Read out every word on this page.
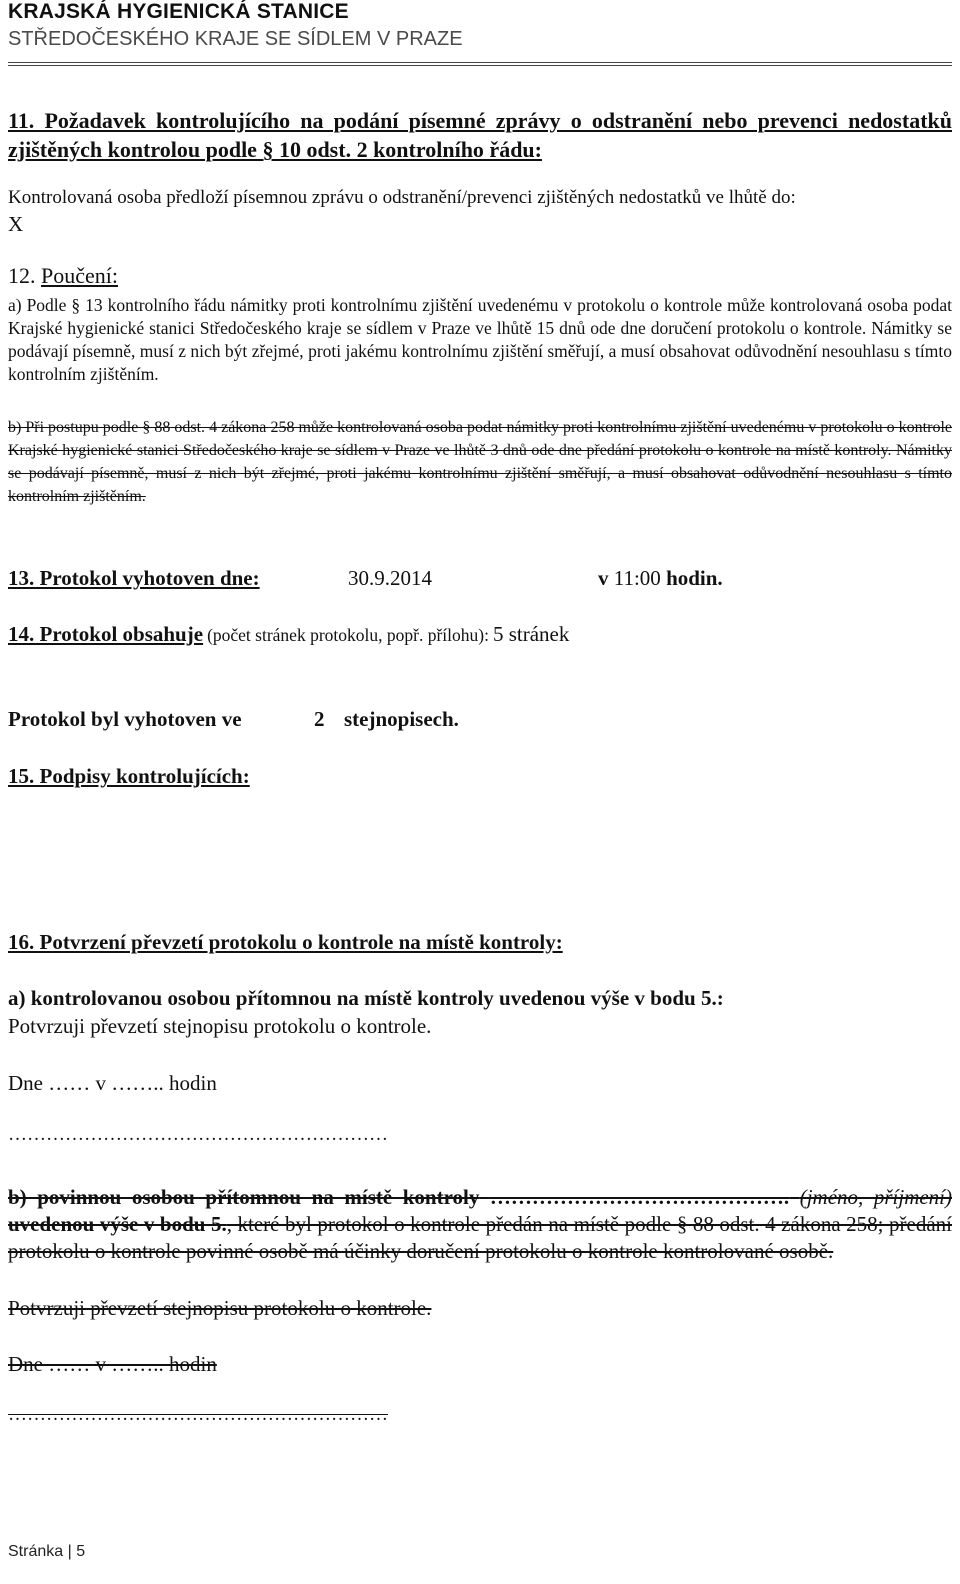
KRAJSKÁ HYGIENICKÁ STANICE
STŘEDOČESKÉHO KRAJE SE SÍDLEM V PRAZE
11. Požadavek kontrolujícího na podání písemné zprávy o odstranění nebo prevenci nedostatků zjištěných kontrolou podle § 10 odst. 2 kontrolního řádu:
Kontrolovaná osoba předloží písemnou zprávu o odstranění/prevenci zjištěných nedostatků ve lhůtě do:
X
12. Poučení:
a) Podle § 13 kontrolního řádu námitky proti kontrolnímu zjištění uvedenému v protokolu o kontrole může kontrolovaná osoba podat Krajské hygienické stanici Středočeského kraje se sídlem v Praze ve lhůtě 15 dnů ode dne doručení protokolu o kontrole. Námitky se podávají písemně, musí z nich být zřejmé, proti jakému kontrolnímu zjištění směřují, a musí obsahovat odůvodnění nesouhlasu s tímto kontrolním zjištěním.
b) Při postupu podle § 88 odst. 4 zákona 258 může kontrolovaná osoba podat námitky proti kontrolnímu zjištění uvedenému v protokolu o kontrole Krajské hygienické stanici Středočeského kraje se sídlem v Praze ve lhůtě 3 dnů ode dne předání protokolu o kontrole na místě kontroly. Námitky se podávají písemně, musí z nich být zřejmé, proti jakému kontrolnímu zjištění směřují, a musí obsahovat odůvodnění nesouhlasu s tímto kontrolním zjištěním.
13. Protokol vyhotoven dne:	30.9.2014	v 11:00 hodin.
14. Protokol obsahuje (počet stránek protokolu, popř. přílohu): 5 stránek
Protokol byl vyhotoven ve	2 stejnopisech.
15. Podpisy kontrolujících:
16. Potvrzení převzetí protokolu o kontrole na místě kontroly:
a) kontrolovanou osobou přítomnou na místě kontroly uvedenou výše v bodu 5.:
Potvrzuji převzetí stejnopisu protokolu o kontrole.
Dne …… v …….. hodin
……………………………………………………
b) povinnou osobou přítomnou na místě kontroly ……………………………………. (jméno, příjmení) uvedenou výše v bodu 5., které byl protokol o kontrole předán na místě podle § 88 odst. 4 zákona 258; předání protokolu o kontrole povinné osobě má účinky doručení protokolu o kontrole kontrolované osobě.
Potvrzuji převzetí stejnopisu protokolu o kontrole.
Dne …… v …….. hodin
……………………………………………………
Stránka | 5
